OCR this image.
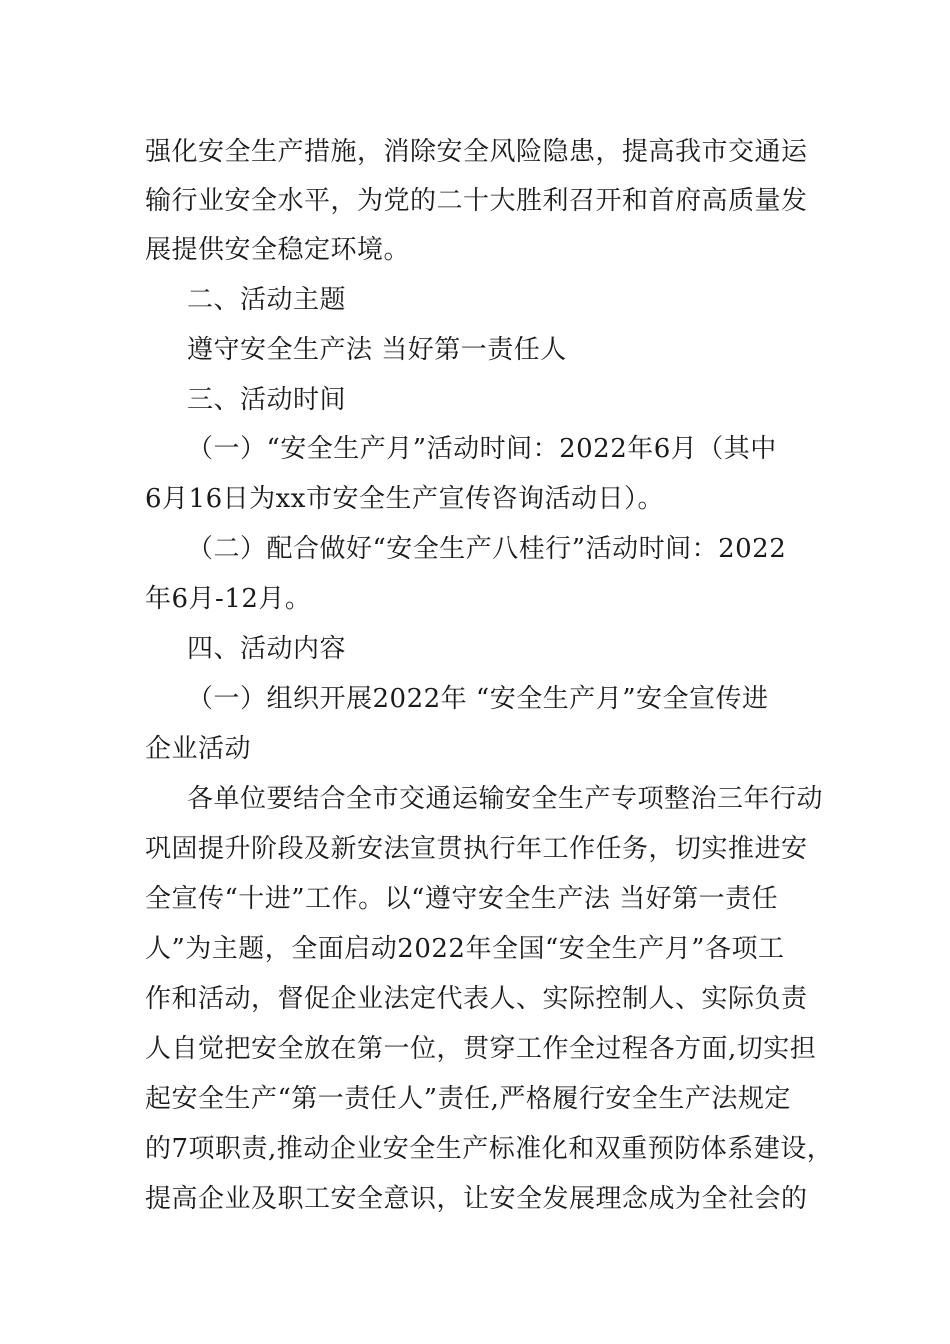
强化安全生产措施，消除安全风险隐患，提高我市交通运
输行业安全水平，为党的二十大胜利召开和首府高质量发
展提供安全稳定环境。
二、活动主题
遵守安全生产法 当好第一责任人
三、活动时间
（一）“安全生产月”活动时间：2022年6月（其中
6月16日为xx市安全生产宣传咨询活动日）。
（二）配合做好“安全生产八桂行”活动时间：2022
年6月-12月。
四、活动内容
（一）组织开展2022年 “安全生产月”安全宣传进
企业活动
各单位要结合全市交通运输安全生产专项整治三年行动
巩固提升阶段及新安法宣贯执行年工作任务，切实推进安
全宣传“十进”工作。以“遵守安全生产法 当好第一责任
人”为主题，全面启动2022年全国“安全生产月”各项工
作和活动，督促企业法定代表人、实际控制人、实际负责
人自觉把安全放在第一位，贯穿工作全过程各方面,切实担
起安全生产“第一责任人”责任,严格履行安全生产法规定
的7项职责,推动企业安全生产标准化和双重预防体系建设，
提高企业及职工安全意识，让安全发展理念成为全社会的
